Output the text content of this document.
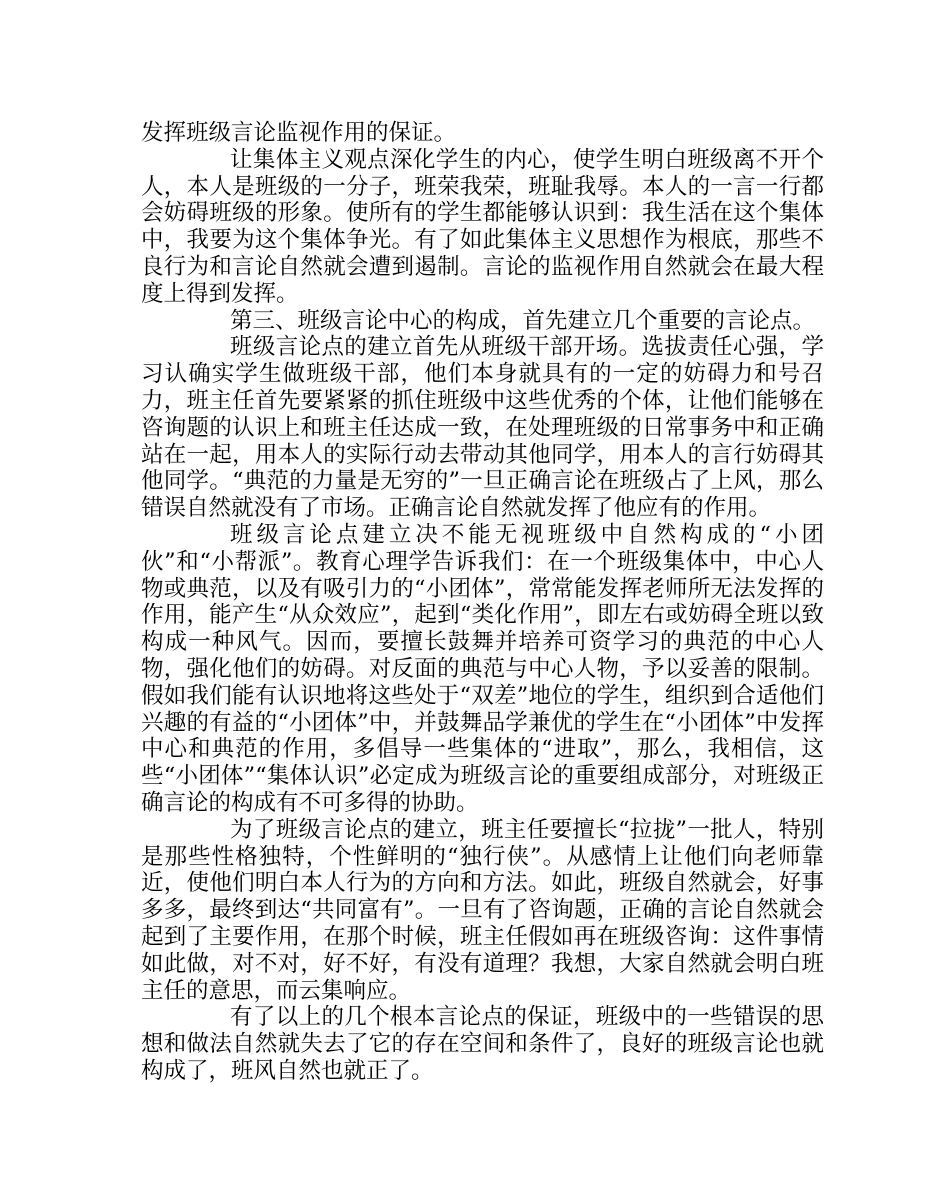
发挥班级言论监视作用的保证。

让集体主义观点深化学生的内心，使学生明白班级离不开个人，本人是班级的一分子，班荣我荣，班耻我辱。本人的一言一行都会妨碍班级的形象。使所有的学生都能够认识到：我生活在这个集体中，我要为这个集体争光。有了如此集体主义思想作为根底，那些不良行为和言论自然就会遭到遏制。言论的监视作用自然就会在最大程度上得到发挥。

第三、班级言论中心的构成，首先建立几个重要的言论点。

班级言论点的建立首先从班级干部开场。选拔责任心强，学习认确实学生做班级干部，他们本身就具有的一定的妨碍力和号召力，班主任首先要紧紧的抓住班级中这些优秀的个体，让他们能够在咨询题的认识上和班主任达成一致，在处理班级的日常事务中和正确站在一起，用本人的实际行动去带动其他同学，用本人的言行妨碍其他同学。“典范的力量是无穷的”一旦正确言论在班级占了上风，那么错误自然就没有了市场。正确言论自然就发挥了他应有的作用。

班级言论点建立决不能无视班级中自然构成的“小团伙”和“小帮派”。教育心理学告诉我们：在一个班级集体中，中心人物或典范，以及有吸引力的“小团体”，常常能发挥老师所无法发挥的作用，能产生“从众效应”，起到“类化作用”，即左右或妨碍全班以致构成一种风气。因而，要擅长鼓舞并培养可资学习的典范的中心人物，强化他们的妨碍。对反面的典范与中心人物，予以妥善的限制。假如我们能有认识地将这些处于“双差”地位的学生，组织到合适他们兴趣的有益的“小团体”中，并鼓舞品学兼优的学生在“小团体”中发挥中心和典范的作用，多倡导一些集体的“进取”，那么，我相信，这些“小团体”“集体认识”必定成为班级言论的重要组成部分，对班级正确言论的构成有不可多得的协助。

为了班级言论点的建立，班主任要擅长“拉拢”一批人，特别是那些性格独特，个性鲜明的“独行侠”。从感情上让他们向老师靠近，使他们明白本人行为的方向和方法。如此，班级自然就会，好事多多，最终到达“共同富有”。一旦有了咨询题，正确的言论自然就会起到了主要作用，在那个时候，班主任假如再在班级咨询：这件事情如此做，对不对，好不好，有没有道理？我想，大家自然就会明白班主任的意思，而云集响应。

有了以上的几个根本言论点的保证，班级中的一些错误的思想和做法自然就失去了它的存在空间和条件了，良好的班级言论也就构成了，班风自然也就正了。
